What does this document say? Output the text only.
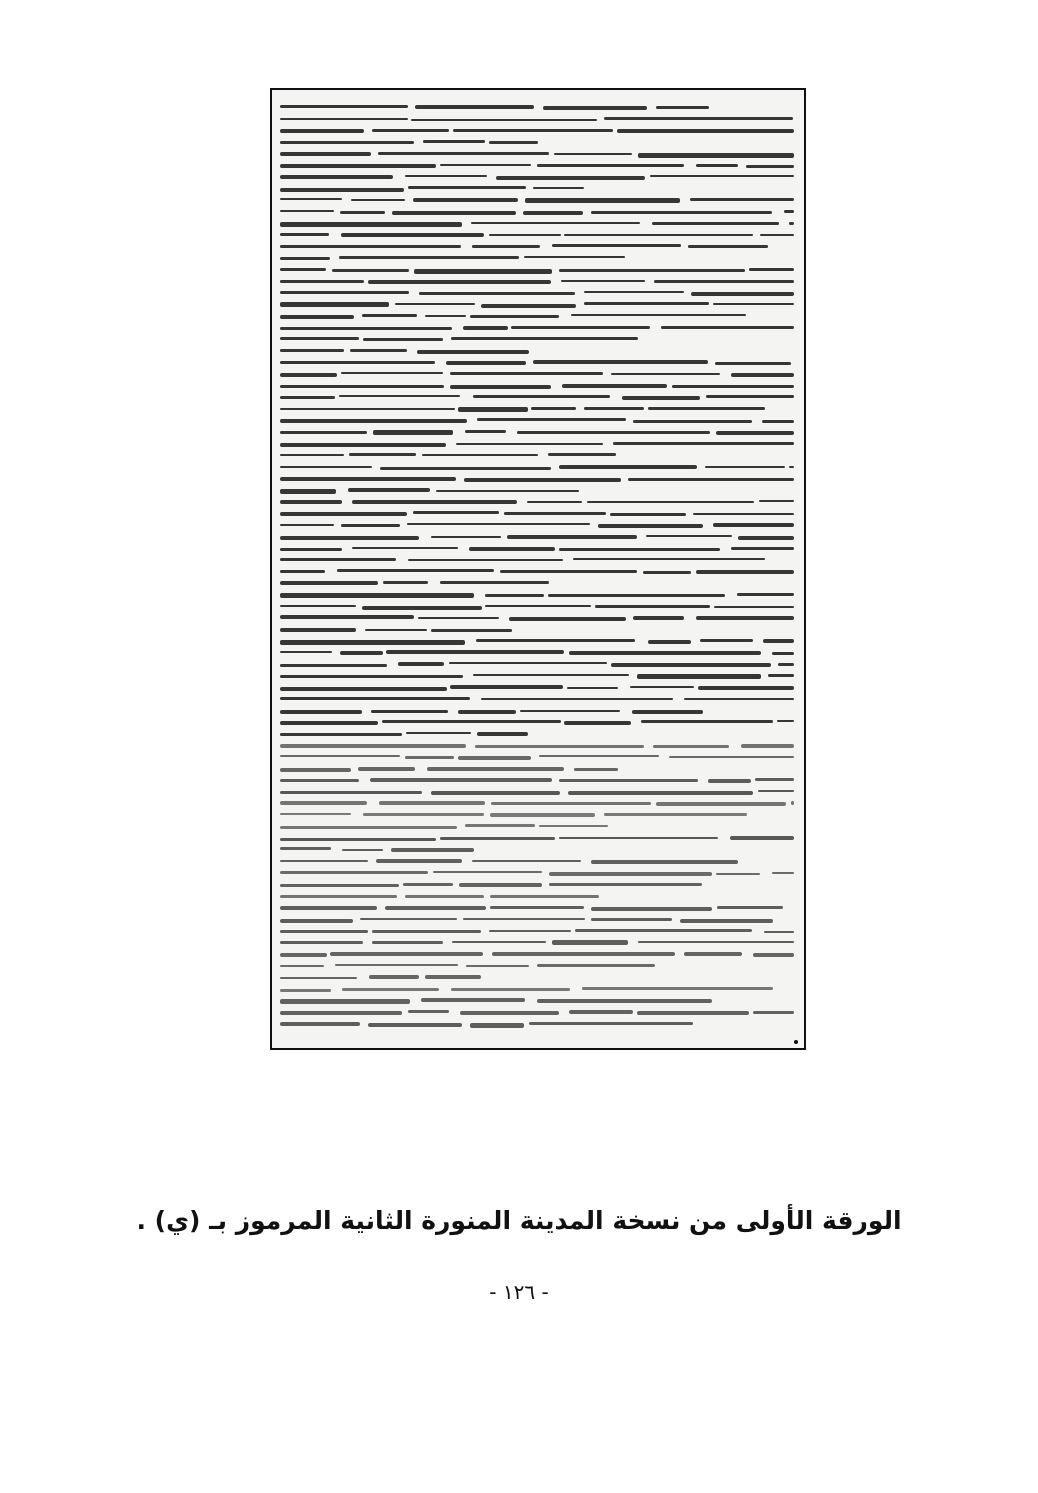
الورقة الأولى من نسخة المدينة المنورة الثانية المرموز بـ (ي) .
- ١٢٦ -
